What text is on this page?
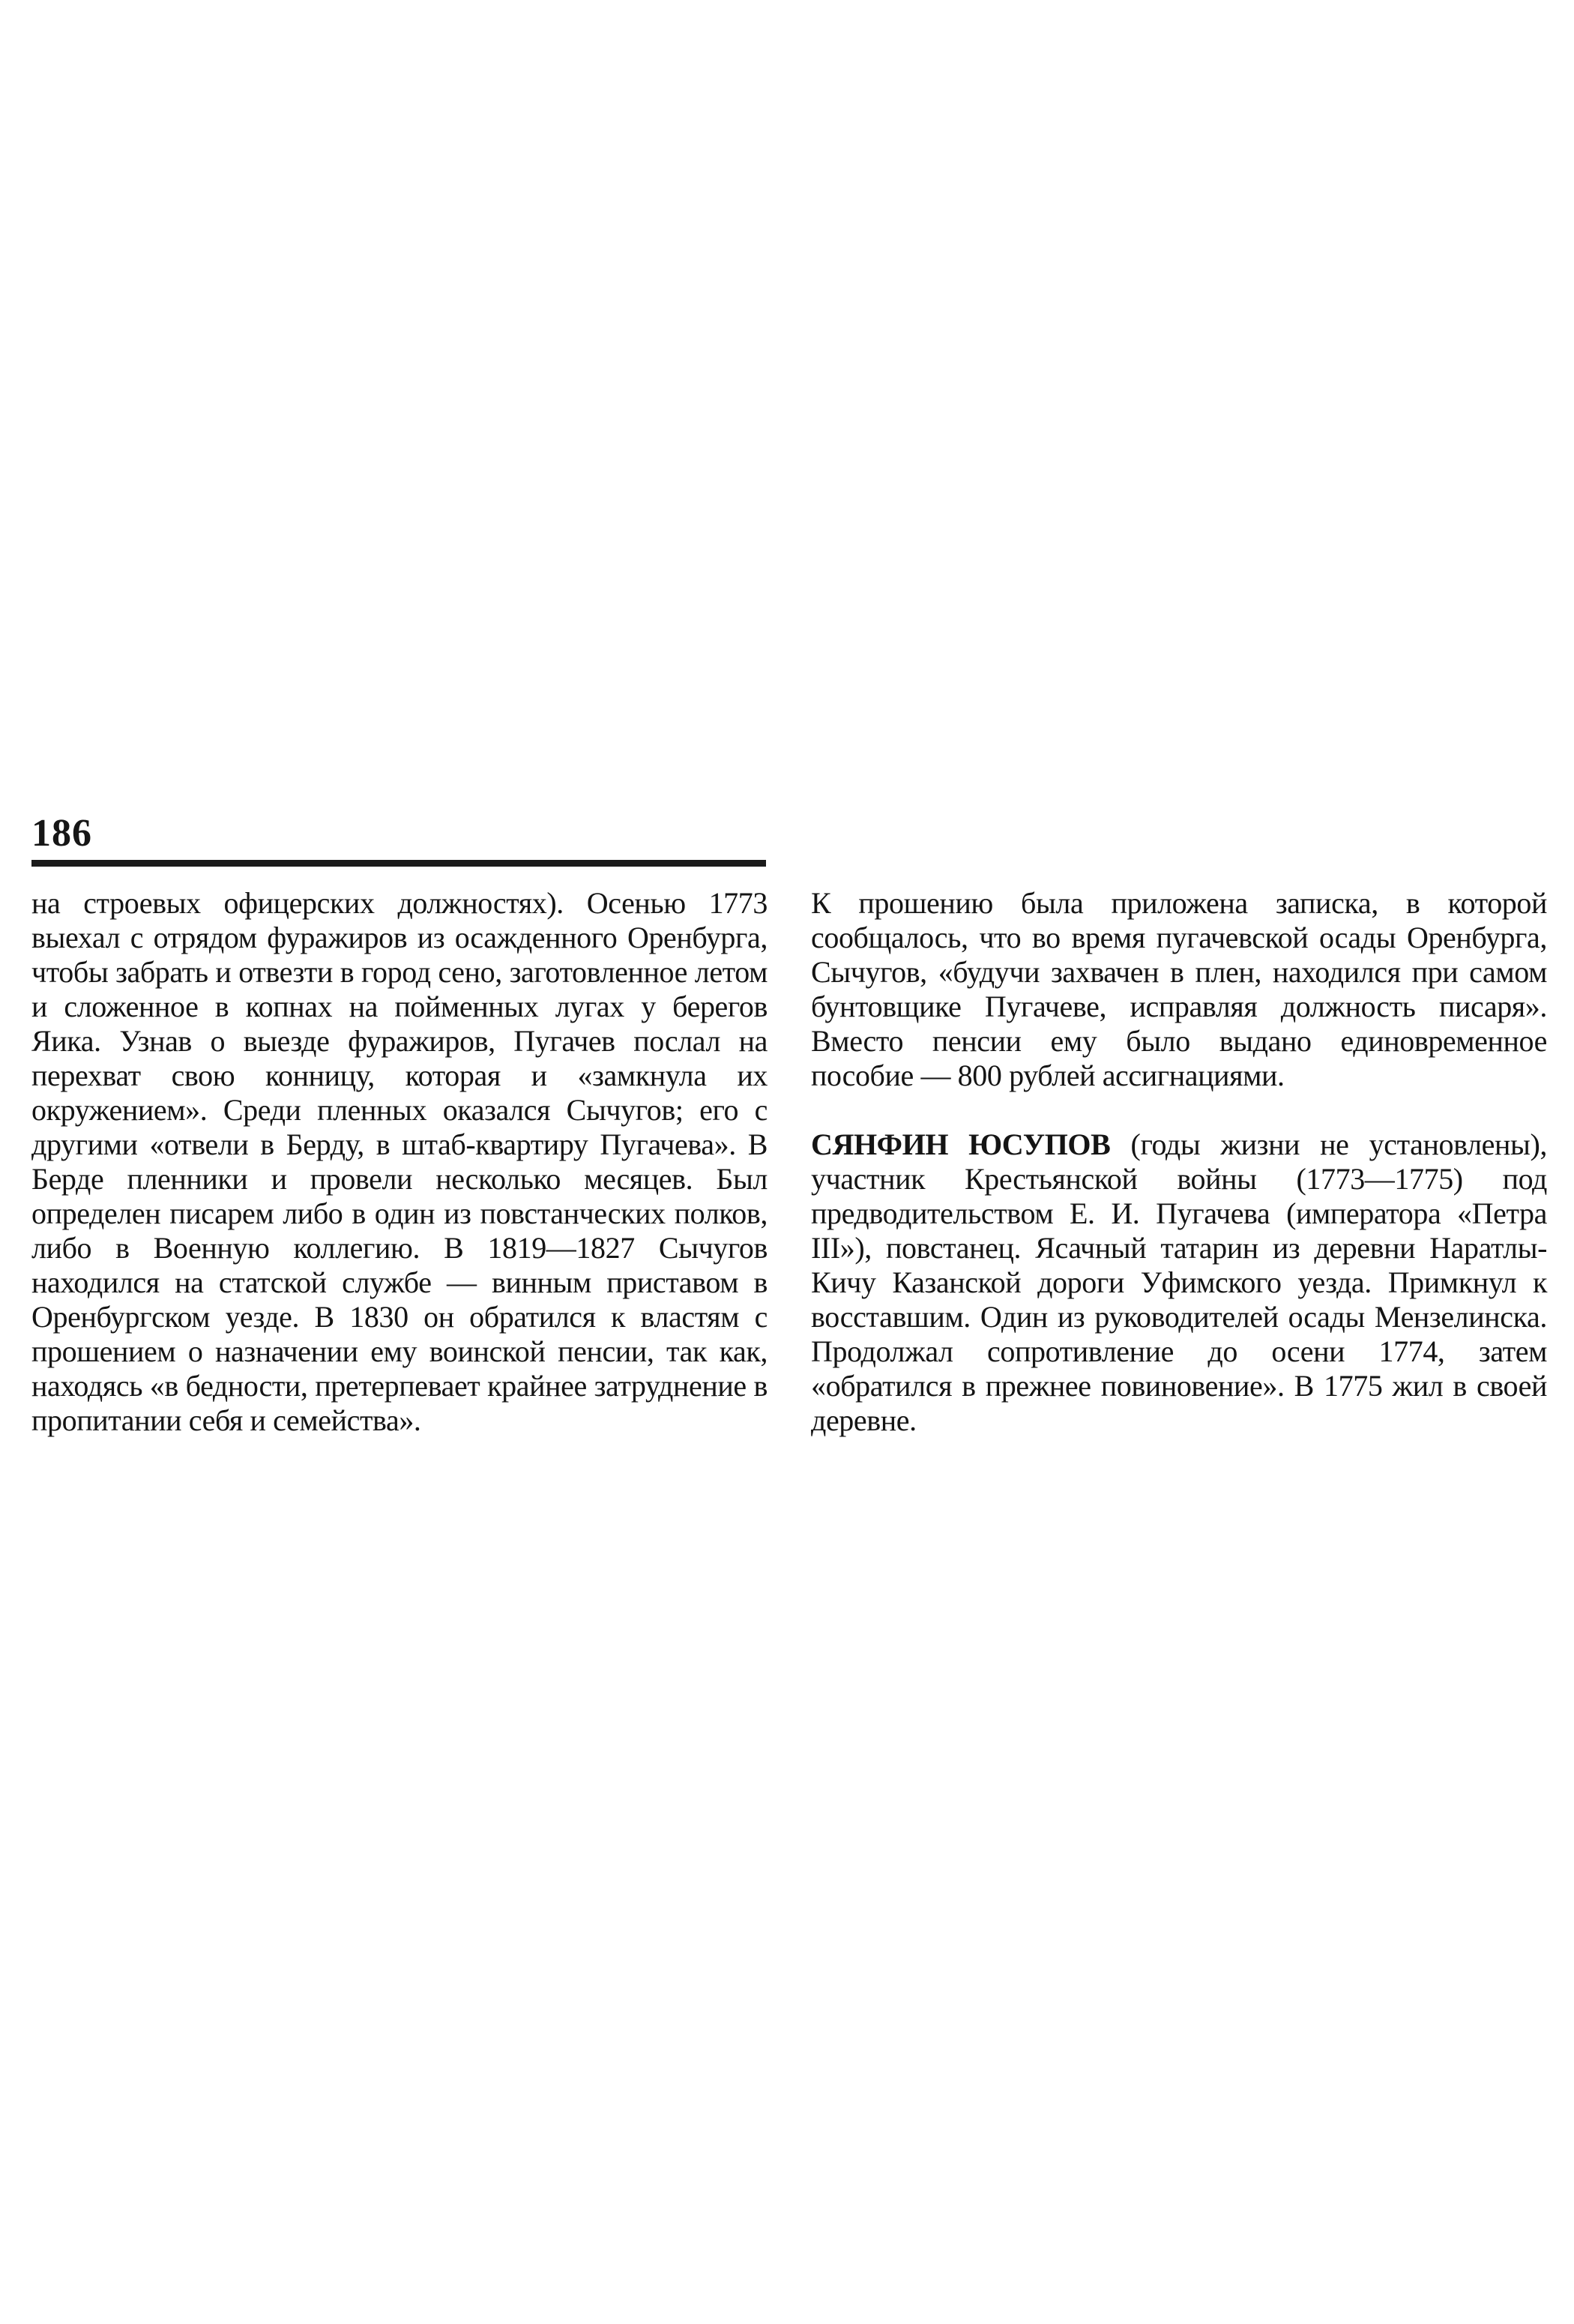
186

на строевых офицерских должностях). Осенью 1773 выехал с отрядом фуражиров из осажденного Оренбурга, чтобы забрать и отвезти в город сено, заготовленное летом и сложенное в копнах на пойменных лугах у берегов Яика. Узнав о выезде фуражиров, Пугачев послал на перехват свою конницу, которая и «замкнула их окружением». Среди пленных оказался Сычугов; его с другими «отвели в Берду, в штаб-квартиру Пугачева». В Берде пленники и провели несколько месяцев. Был определен писарем либо в один из повстанческих полков, либо в Военную коллегию. В 1819—1827 Сычугов находился на статской службе — винным приставом в Оренбургском уезде. В 1830 он обратился к властям с прошением о назначении ему воинской пенсии, так как, находясь «в бедности, претерпевает крайнее затруднение в пропитании себя и семейства».

К прошению была приложена записка, в которой сообщалось, что во время пугачевской осады Оренбурга, Сычугов, «будучи захвачен в плен, находился при самом бунтовщике Пугачеве, исправляя должность писаря». Вместо пенсии ему было выдано единовременное пособие — 800 рублей ассигнациями.

СЯНФИН ЮСУПОВ (годы жизни не установлены), участник Крестьянской войны (1773—1775) под предводительством Е. И. Пугачева (императора «Петра III»), повстанец. Ясачный татарин из деревни Наратлы-Кичу Казанской дороги Уфимского уезда. Примкнул к восставшим. Один из руководителей осады Мензелинска. Продолжал сопротивление до осени 1774, затем «обратился в прежнее повиновение». В 1775 жил в своей деревне.
